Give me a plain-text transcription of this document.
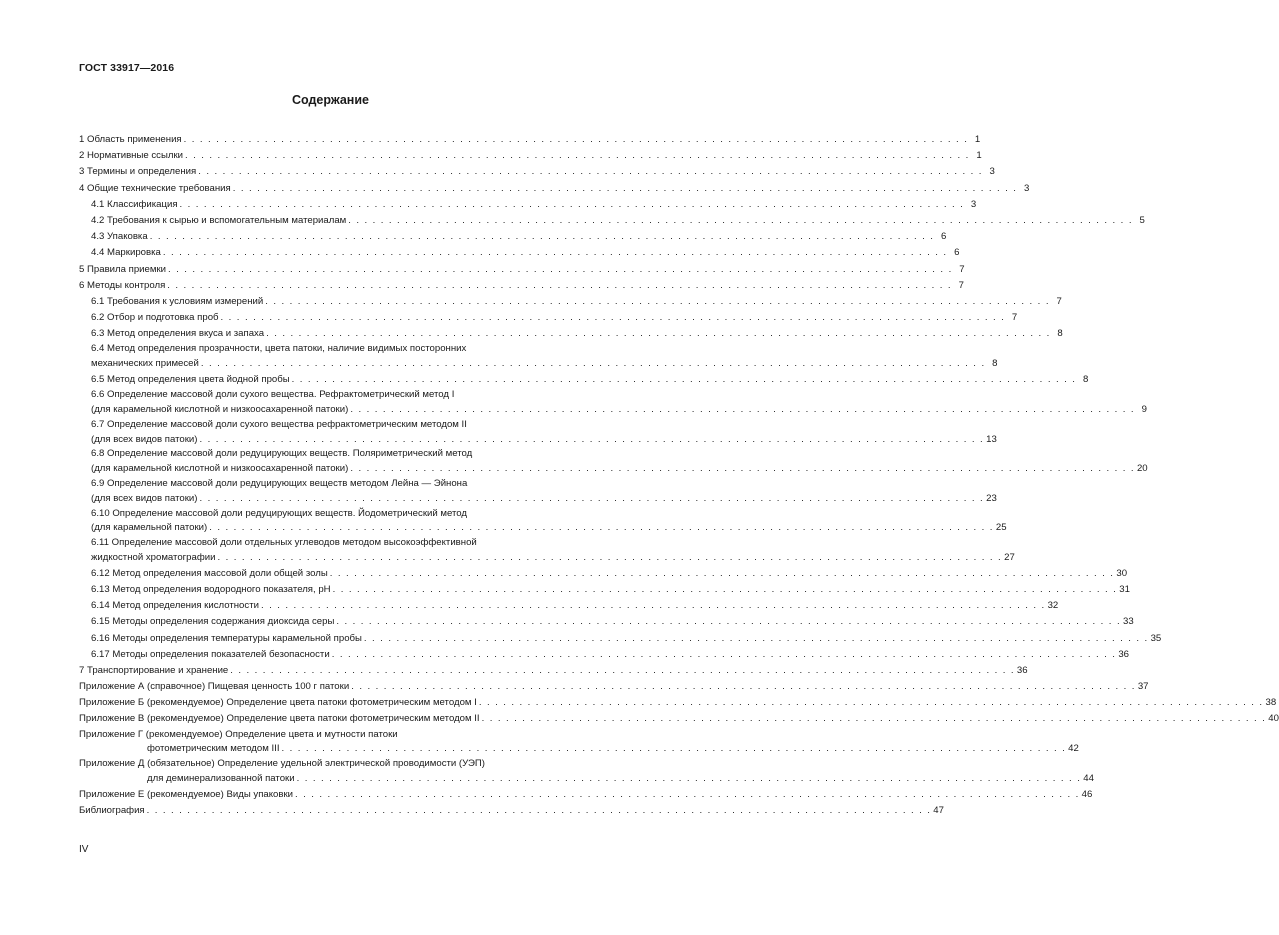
ГОСТ 33917—2016
Содержание
1 Область применения . . . . . . . . . . . . . . . . . . . . . . . . . . . . . . . . . . . . . . . . . . . . . . . . . . . . . . . . . . . . . . . . . . . . . . . . . . . . . . . . . . . . . . . . . . . . . . . . . 1
2 Нормативные ссылки . . . . . . . . . . . . . . . . . . . . . . . . . . . . . . . . . . . . . . . . . . . . . . . . . . . . . . . . . . . . . . . . . . . . . . . . . . . . . . . . . . . . . . . . . . . . . . . . . 1
3 Термины и определения . . . . . . . . . . . . . . . . . . . . . . . . . . . . . . . . . . . . . . . . . . . . . . . . . . . . . . . . . . . . . . . . . . . . . . . . . . . . . . . . . . . . . . . . . . . . . . . . . 3
4 Общие технические требования . . . . . . . . . . . . . . . . . . . . . . . . . . . . . . . . . . . . . . . . . . . . . . . . . . . . . . . . . . . . . . . . . . . . . . . . . . . . . . . . . . . . . . . . . . . . . . . . . 3
4.1 Классификация . . . . . . . . . . . . . . . . . . . . . . . . . . . . . . . . . . . . . . . . . . . . . . . . . . . . . . . . . . . . . . . . . . . . . . . . . . . . . . . . . . . . . . . . . . . . . . . . . 3
4.2 Требования к сырью и вспомогательным материалам . . . . . . . . . . . . . . . . . . . . . . . . . . . . . . . . . . . . . . . . . . . . . . . . . . . . . . . . . . . . . . . . . . . . . . . . . . . . . . . . . . . . . . . . . . . . . . . . . 5
4.3 Упаковка . . . . . . . . . . . . . . . . . . . . . . . . . . . . . . . . . . . . . . . . . . . . . . . . . . . . . . . . . . . . . . . . . . . . . . . . . . . . . . . . . . . . . . . . . . . . . . . . . 6
4.4 Маркировка . . . . . . . . . . . . . . . . . . . . . . . . . . . . . . . . . . . . . . . . . . . . . . . . . . . . . . . . . . . . . . . . . . . . . . . . . . . . . . . . . . . . . . . . . . . . . . . . . 6
5 Правила приемки . . . . . . . . . . . . . . . . . . . . . . . . . . . . . . . . . . . . . . . . . . . . . . . . . . . . . . . . . . . . . . . . . . . . . . . . . . . . . . . . . . . . . . . . . . . . . . . . . 7
6 Методы контроля . . . . . . . . . . . . . . . . . . . . . . . . . . . . . . . . . . . . . . . . . . . . . . . . . . . . . . . . . . . . . . . . . . . . . . . . . . . . . . . . . . . . . . . . . . . . . . . . . 7
6.1 Требования к условиям измерений . . . . . . . . . . . . . . . . . . . . . . . . . . . . . . . . . . . . . . . . . . . . . . . . . . . . . . . . . . . . . . . . . . . . . . . . . . . . . . . . . . . . . . . . . . . . . . . . . 7
6.2 Отбор и подготовка проб . . . . . . . . . . . . . . . . . . . . . . . . . . . . . . . . . . . . . . . . . . . . . . . . . . . . . . . . . . . . . . . . . . . . . . . . . . . . . . . . . . . . . . . . . . . . . . . . . 7
6.3 Метод определения вкуса и запаха . . . . . . . . . . . . . . . . . . . . . . . . . . . . . . . . . . . . . . . . . . . . . . . . . . . . . . . . . . . . . . . . . . . . . . . . . . . . . . . . . . . . . . . . . . . . . . . . . 8
6.4 Метод определения прозрачности, цвета патоки, наличие видимых посторонних
механических примесей . . . . . . . . . . . . . . . . . . . . . . . . . . . . . . . . . . . . . . . . . . . . . . . . . . . . . . . . . . . . . . . . . . . . . . . . . . . . . . . . . . . . . . . . . . . . . . . . . 8
6.5 Метод определения цвета йодной пробы . . . . . . . . . . . . . . . . . . . . . . . . . . . . . . . . . . . . . . . . . . . . . . . . . . . . . . . . . . . . . . . . . . . . . . . . . . . . . . . . . . . . . . . . . . . . . . . . . 8
6.6 Определение массовой доли сухого вещества. Рефрактометрический метод I
(для карамельной кислотной и низкоосахаренной патоки) . . . . . . . . . . . . . . . . . . . . . . . . . . . . . . . . . . . . . . . . . . . . . . . . . . . . . . . . . . . . . . . . . . . . . . . . . . . . . . . . . . . . . . . . . . . . . . . . . 9
6.7 Определение массовой доли сухого вещества рефрактометрическим методом II
(для всех видов патоки) . . . . . . . . . . . . . . . . . . . . . . . . . . . . . . . . . . . . . . . . . . . . . . . . . . . . . . . . . . . . . . . . . . . . . . . . . . . . . . . . . . . . . . . . . . . . . . . . . 13
6.8 Определение массовой доли редуцирующих веществ. Поляриметрический метод
(для карамельной кислотной и низкоосахаренной патоки) . . . . . . . . . . . . . . . . . . . . . . . . . . . . . . . . . . . . . . . . . . . . . . . . . . . . . . . . . . . . . . . . . . . . . . . . . . . . . . . . . . . . . . . . . . . . . . . . . 20
6.9 Определение массовой доли редуцирующих веществ методом Лейна — Эйнона
(для всех видов патоки) . . . . . . . . . . . . . . . . . . . . . . . . . . . . . . . . . . . . . . . . . . . . . . . . . . . . . . . . . . . . . . . . . . . . . . . . . . . . . . . . . . . . . . . . . . . . . . . . . 23
6.10 Определение массовой доли редуцирующих веществ. Йодометрический метод
(для карамельной патоки) . . . . . . . . . . . . . . . . . . . . . . . . . . . . . . . . . . . . . . . . . . . . . . . . . . . . . . . . . . . . . . . . . . . . . . . . . . . . . . . . . . . . . . . . . . . . . . . . . 25
6.11 Определение массовой доли отдельных углеводов методом высокоэффективной
жидкостной хроматографии . . . . . . . . . . . . . . . . . . . . . . . . . . . . . . . . . . . . . . . . . . . . . . . . . . . . . . . . . . . . . . . . . . . . . . . . . . . . . . . . . . . . . . . . . . . . . . . . . 27
6.12 Метод определения массовой доли общей золы . . . . . . . . . . . . . . . . . . . . . . . . . . . . . . . . . . . . . . . . . . . . . . . . . . . . . . . . . . . . . . . . . . . . . . . . . . . . . . . . . . . . . . . . . . . . . . . . . 30
6.13 Метод определения водородного показателя, pH . . . . . . . . . . . . . . . . . . . . . . . . . . . . . . . . . . . . . . . . . . . . . . . . . . . . . . . . . . . . . . . . . . . . . . . . . . . . . . . . . . . . . . . . . . . . . . . . . 31
6.14 Метод определения кислотности . . . . . . . . . . . . . . . . . . . . . . . . . . . . . . . . . . . . . . . . . . . . . . . . . . . . . . . . . . . . . . . . . . . . . . . . . . . . . . . . . . . . . . . . . . . . . . . . . 32
6.15 Методы определения содержания диоксида серы . . . . . . . . . . . . . . . . . . . . . . . . . . . . . . . . . . . . . . . . . . . . . . . . . . . . . . . . . . . . . . . . . . . . . . . . . . . . . . . . . . . . . . . . . . . . . . . . . 33
6.16 Методы определения температуры карамельной пробы . . . . . . . . . . . . . . . . . . . . . . . . . . . . . . . . . . . . . . . . . . . . . . . . . . . . . . . . . . . . . . . . . . . . . . . . . . . . . . . . . . . . . . . . . . . . . . . . . 35
6.17 Методы определения показателей безопасности . . . . . . . . . . . . . . . . . . . . . . . . . . . . . . . . . . . . . . . . . . . . . . . . . . . . . . . . . . . . . . . . . . . . . . . . . . . . . . . . . . . . . . . . . . . . . . . . . 36
7 Транспортирование и хранение . . . . . . . . . . . . . . . . . . . . . . . . . . . . . . . . . . . . . . . . . . . . . . . . . . . . . . . . . . . . . . . . . . . . . . . . . . . . . . . . . . . . . . . . . . . . . . . . . 36
Приложение А (справочное) Пищевая ценность 100 г патоки . . . . . . . . . . . . . . . . . . . . . . . . . . . . . . . . . . . . . . . . . . . . . . . . . . . . . . . . . . . . . . . . . . . . . . . . . . . . . . . . . . . . . . . . . . . . . . . . . 37
Приложение Б (рекомендуемое) Определение цвета патоки фотометрическим методом I . . . . . . . . . . . . . . . . . . . . . . . . . . . . . . . . . . . . . . . . . . . . . . . . . . . . . . . . . . . . . . . . . . . . . . . . . . . . . . . . . . . . . . . . . . . . . . . . . 38
Приложение В (рекомендуемое) Определение цвета патоки фотометрическим методом II . . . . . . . . . . . . . . . . . . . . . . . . . . . . . . . . . . . . . . . . . . . . . . . . . . . . . . . . . . . . . . . . . . . . . . . . . . . . . . . . . . . . . . . . . . . . . . . . . 40
Приложение Г (рекомендуемое) Определение цвета и мутности патоки
фотометрическим методом III . . . . . . . . . . . . . . . . . . . . . . . . . . . . . . . . . . . . . . . . . . . . . . . . . . . . . . . . . . . . . . . . . . . . . . . . . . . . . . . . . . . . . . . . . . . . . . . . . 42
Приложение Д (обязательное) Определение удельной электрической проводимости (УЭП)
для деминерализованной патоки . . . . . . . . . . . . . . . . . . . . . . . . . . . . . . . . . . . . . . . . . . . . . . . . . . . . . . . . . . . . . . . . . . . . . . . . . . . . . . . . . . . . . . . . . . . . . . . . . 44
Приложение Е (рекомендуемое) Виды упаковки . . . . . . . . . . . . . . . . . . . . . . . . . . . . . . . . . . . . . . . . . . . . . . . . . . . . . . . . . . . . . . . . . . . . . . . . . . . . . . . . . . . . . . . . . . . . . . . . . 46
Библиография . . . . . . . . . . . . . . . . . . . . . . . . . . . . . . . . . . . . . . . . . . . . . . . . . . . . . . . . . . . . . . . . . . . . . . . . . . . . . . . . . . . . . . . . . . . . . . . . . 47
IV
